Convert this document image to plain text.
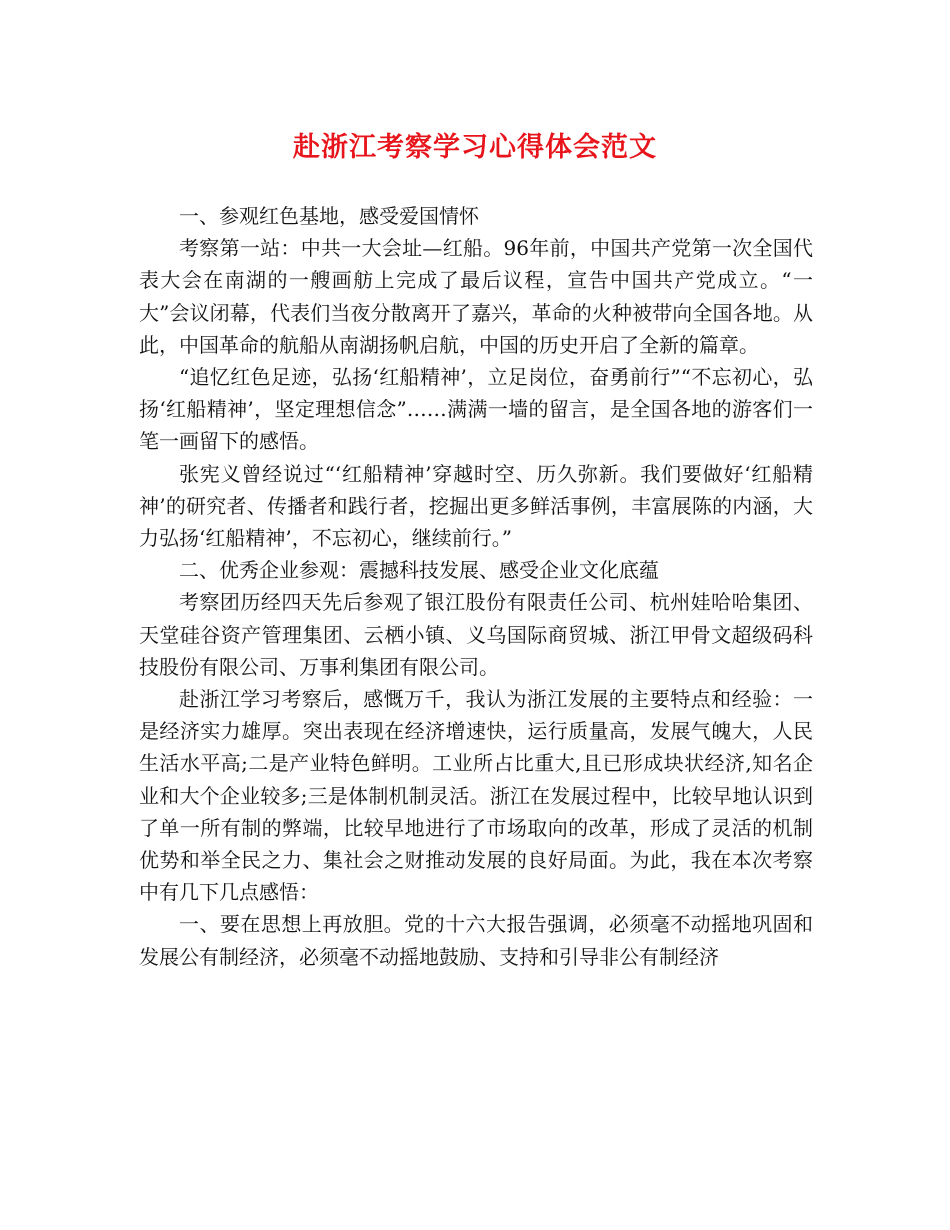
赴浙江考察学习心得体会范文

一、参观红色基地，感受爱国情怀

考察第一站：中共一大会址—红船。96年前，中国共产党第一次全国代表大会在南湖的一艘画舫上完成了最后议程，宣告中国共产党成立。“一大”会议闭幕，代表们当夜分散离开了嘉兴，革命的火种被带向全国各地。从此，中国革命的航船从南湖扬帆启航，中国的历史开启了全新的篇章。

“追忆红色足迹，弘扬‘红船精神’，立足岗位，奋勇前行”“不忘初心，弘扬‘红船精神’，坚定理想信念”……满满一墙的留言，是全国各地的游客们一笔一画留下的感悟。

张宪义曾经说过“‘红船精神’穿越时空、历久弥新。我们要做好‘红船精神’的研究者、传播者和践行者，挖掘出更多鲜活事例，丰富展陈的内涵，大力弘扬‘红船精神’，不忘初心，继续前行。”

二、优秀企业参观：震撼科技发展、感受企业文化底蕴

考察团历经四天先后参观了银江股份有限责任公司、杭州娃哈哈集团、天堂硅谷资产管理集团、云栖小镇、义乌国际商贸城、浙江甲骨文超级码科技股份有限公司、万事利集团有限公司。

赴浙江学习考察后，感慨万千，我认为浙江发展的主要特点和经验：一是经济实力雄厚。突出表现在经济增速快，运行质量高，发展气魄大，人民生活水平高;二是产业特色鲜明。工业所占比重大,且已形成块状经济,知名企业和大个企业较多;三是体制机制灵活。浙江在发展过程中，比较早地认识到了单一所有制的弊端，比较早地进行了市场取向的改革，形成了灵活的机制优势和举全民之力、集社会之财推动发展的良好局面。为此，我在本次考察中有几下几点感悟：

一、要在思想上再放胆。党的十六大报告强调，必须毫不动摇地巩固和发展公有制经济，必须毫不动摇地鼓励、支持和引导非公有制经济
